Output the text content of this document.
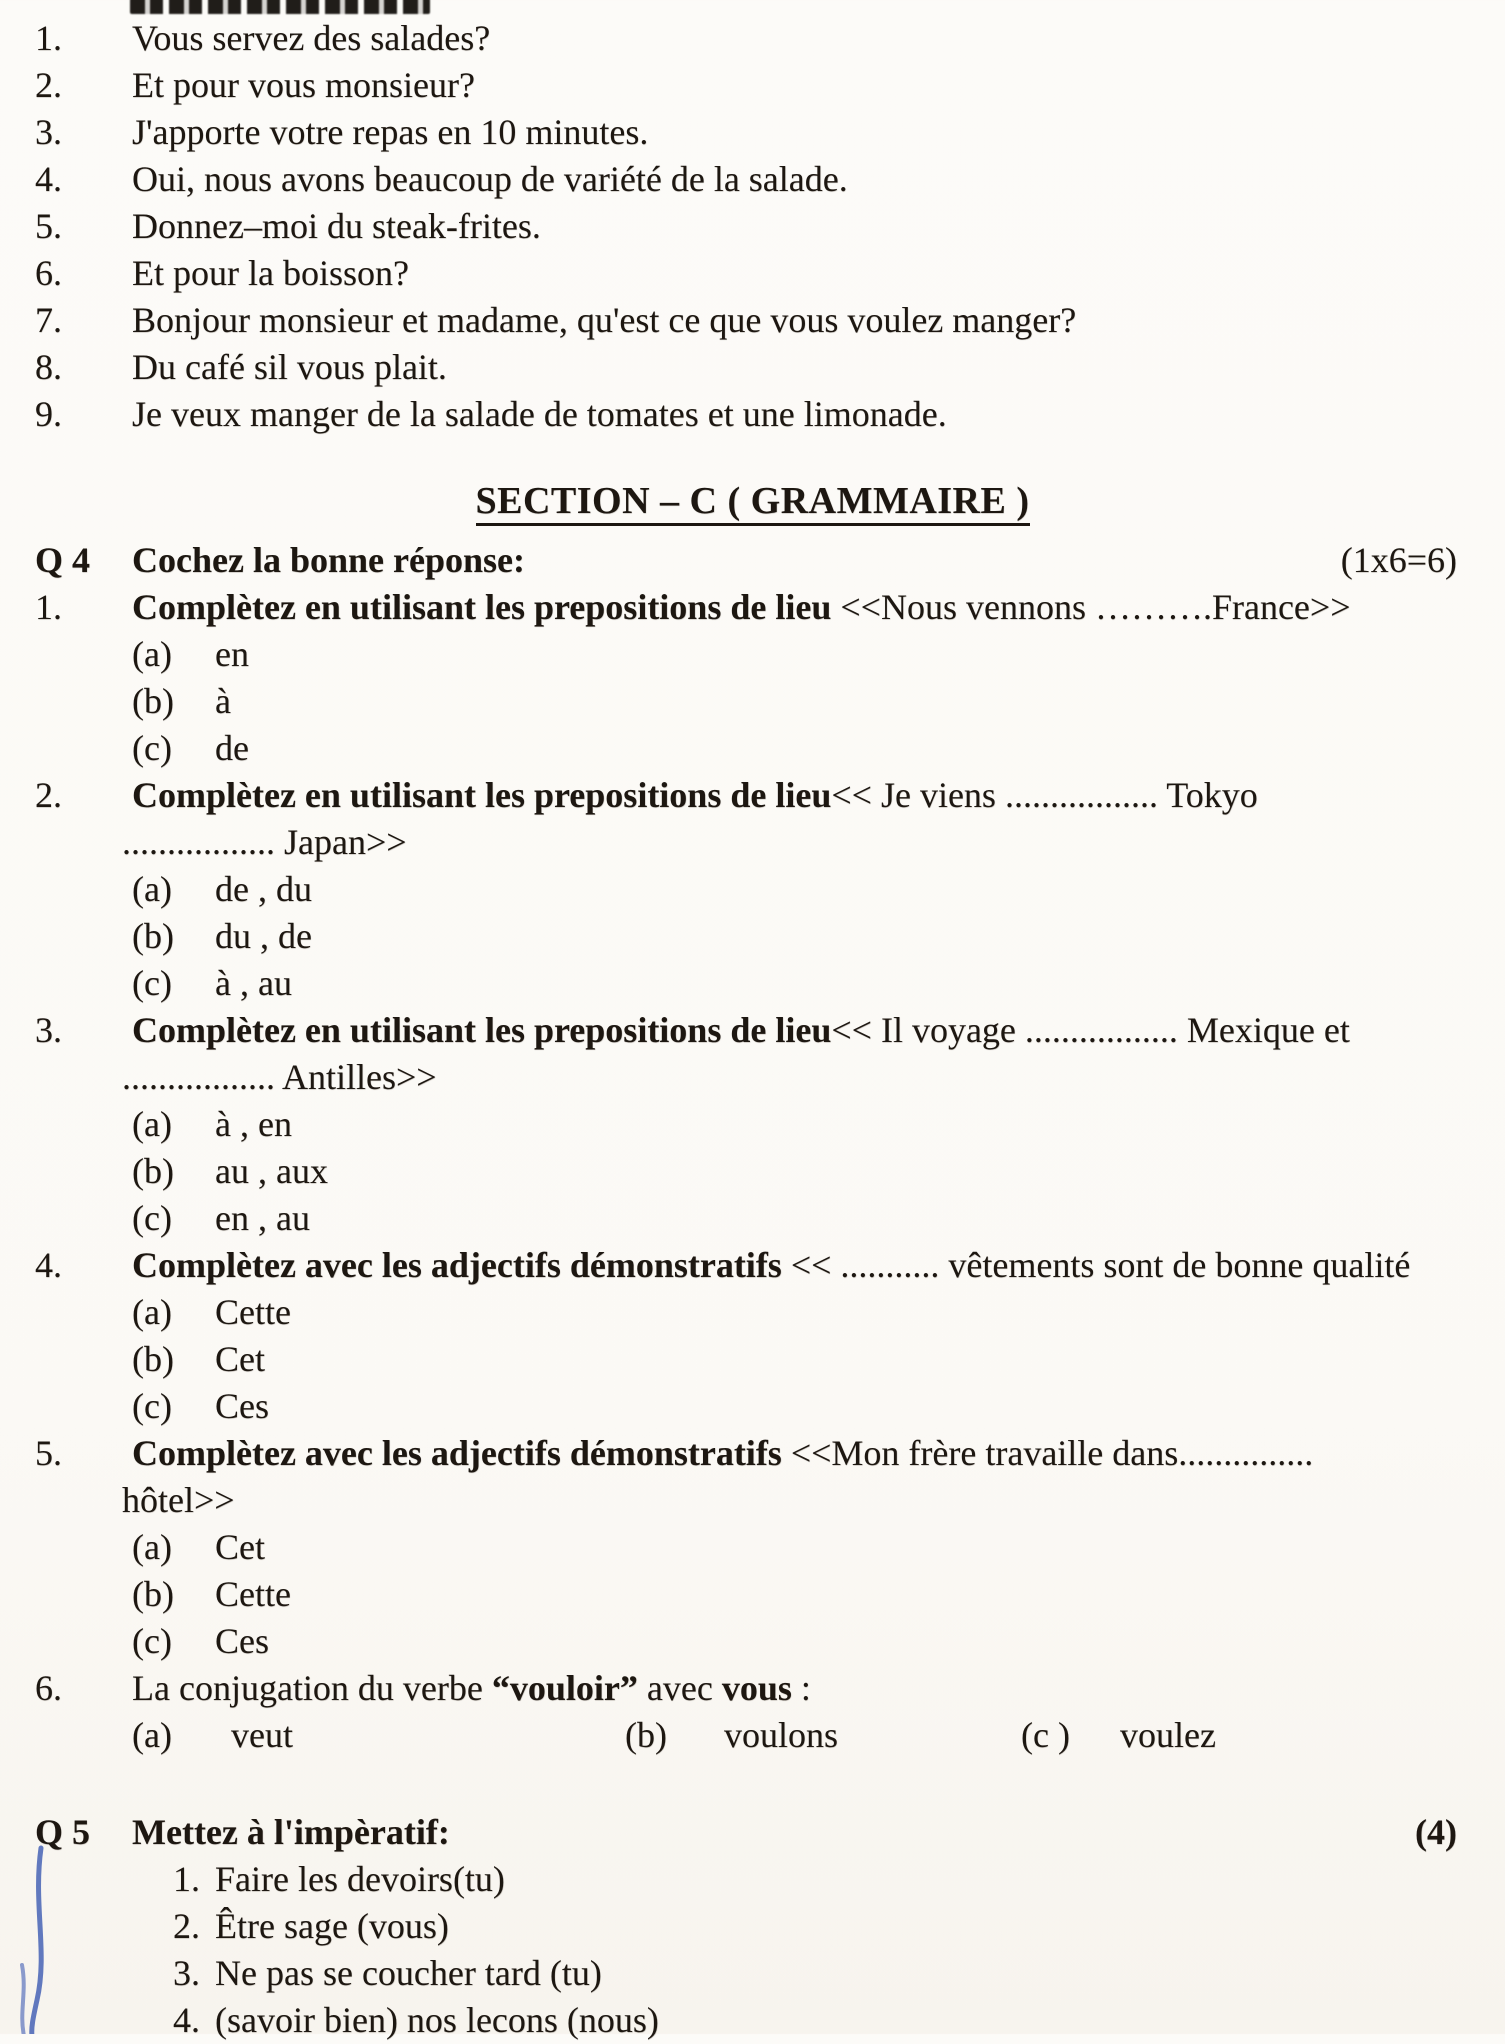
1.	Vous servez des salades?
2.	Et pour vous monsieur?
3.	J'apporte votre repas en 10 minutes.
4.	Oui, nous avons beaucoup de variété de la salade.
5.	Donnez–moi du steak-frites.
6.	Et pour la boisson?
7.	Bonjour monsieur et madame, qu'est ce que vous voulez manger?
8.	Du café sil vous plait.
9.	Je veux manger de la salade de tomates et une limonade.
SECTION – C ( GRAMMAIRE )
Q 4	Cochez la bonne réponse:	(1x6=6)
1.	Complètez en utilisant les prepositions de lieu <<Nous vennons ……….France>>
(a)	en
(b)	à
(c)	de
2.	Complètez en utilisant les prepositions de lieu<< Je viens ................. Tokyo
................. Japan>>
(a)	de , du
(b)	du , de
(c)	à , au
3.	Complètez en utilisant les prepositions de lieu<< Il voyage ................. Mexique et
................. Antilles>>
(a)	à , en
(b)	au , aux
(c)	en , au
4.	Complètez avec les adjectifs démonstratifs << ........... vêtements sont de bonne qualité
(a)	Cette
(b)	Cet
(c)	Ces
5.	Complètez avec les adjectifs démonstratifs <<Mon frère travaille dans...............
hôtel>>
(a)	Cet
(b)	Cette
(c)	Ces
6.	La conjugation du verbe “vouloir” avec vous :
(a)	veut	(b)	voulons	(c )	voulez
Q 5	Mettez à l'impèratif:	(4)
1. Faire les devoirs(tu)
2. Être sage (vous)
3. Ne pas se coucher tard (tu)
4. (savoir bien) nos lecons (nous)
